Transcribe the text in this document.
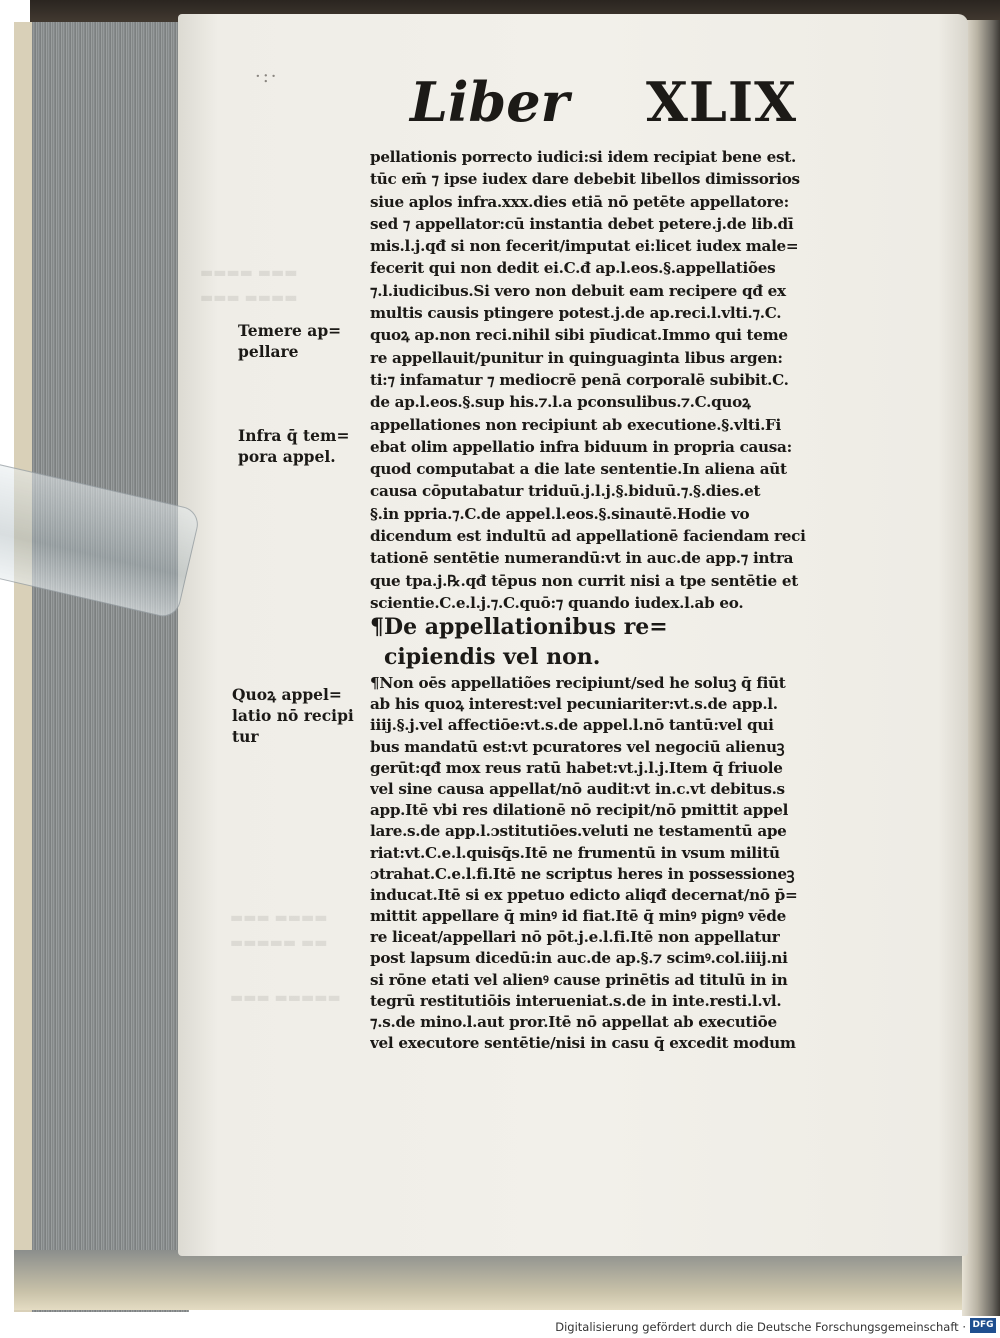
·:·
▬▬▬▬ ▬▬▬
▬▬▬ ▬▬▬▬
▬▬▬ ▬▬▬▬
▬▬▬▬▬ ▬▬
▬▬▬ ▬▬▬▬▬
Liber XLIX
pellationis porrecto iudici:si idem recipiat bene est.
tūc em̄ ⁊ ipse iudex dare debebit libellos dimissorios
siue aplos infra.xxx.dies etiā nō petēte appellatore:
sed ⁊ appellator:cū instantia debet petere.j.de lib.dī
mis.l.j.qđ si non fecerit/imputat ei:licet iudex male=
fecerit qui non dedit ei.C.đ ap.l.eos.§.appellatiões
⁊.l.iudicibus.Si vero non debuit eam recipere qđ ex
multis causis ptingere potest.j.de ap.reci.l.vlti.⁊.C.
quoꝝ ap.non reci.nihil sibi pīudicat.Immo qui teme
re appellauit/punitur in quinguaginta libus argen:
ti:⁊ infamatur ⁊ mediocrē penā corporalē subibit.C.
de ap.l.eos.§.sup his.⁊.l.a pconsulibus.⁊.C.quoꝝ
appellationes non recipiunt ab executione.§.vlti.Fi
ebat olim appellatio infra biduum in propria causa:
quod computabat a die late sententie.In aliena aūt
causa cōputabatur triduū.j.l.j.§.biduū.⁊.§.dies.et
§.in ppria.⁊.C.de appel.l.eos.§.sinautē.Hodie vo
dicendum est indultū ad appellationē faciendam reci
tationē sentētie numerandū:vt in auc.de app.⁊ intra
que tpa.j.℞.qđ tēpus non currit nisi a tpe sentētie et
scientie.C.e.l.j.⁊.C.quō:⁊ quando iudex.l.ab eo.
¶De appellationibus re=
cipiendis vel non.
¶Non oēs appellatiões recipiunt/sed he soluꝫ q̄ fiūt
ab his quoꝝ interest:vel pecuniariter:vt.s.de app.l.
iiij.§.j.vel affectiōe:vt.s.de appel.l.nō tantū:vel qui
bus mandatū est:vt pcuratores vel negociū alienuꝫ
gerūt:qđ mox reus ratū habet:vt.j.l.j.Item q̄ friuole
vel sine causa appellat/nō audit:vt in.c.vt debitus.s
app.Itē vbi res dilationē nō recipit/nō pmittit appel
lare.s.de app.l.ɔstitutiōes.veluti ne testamentū ape
riat:vt.C.e.l.quisq̄s.Itē ne frumentū in vsum militū
ɔtrahat.C.e.l.fi.Itē ne scriptus heres in possessioneꝫ
inducat.Itē si ex ppetuo edicto aliqđ decernat/nō p̄=
mittit appellare q̄ minꝰ id fiat.Itē q̄ minꝰ pignꝰ vēde
re liceat/appellari nō pōt.j.e.l.fi.Itē non appellatur
post lapsum dicedū:in auc.de ap.§.⁊ scimꝰ.col.iiij.ni
si rōne etati vel alienꝰ cause prinētis ad titulū in in
tegrū restitutiōis interueniat.s.de in inte.resti.l.vl.
⁊.s.de mino.l.aut pror.Itē nō appellat ab executiōe
vel executore sentētie/nisi in casu q̄ excedit modum
Temere ap=
pellare
Infra q̄ tem=
pora appel.
Quoꝝ appel=
latio nō recipi
tur
Digitalisierung gefördert durch die Deutsche Forschungsgemeinschaft · DFG
